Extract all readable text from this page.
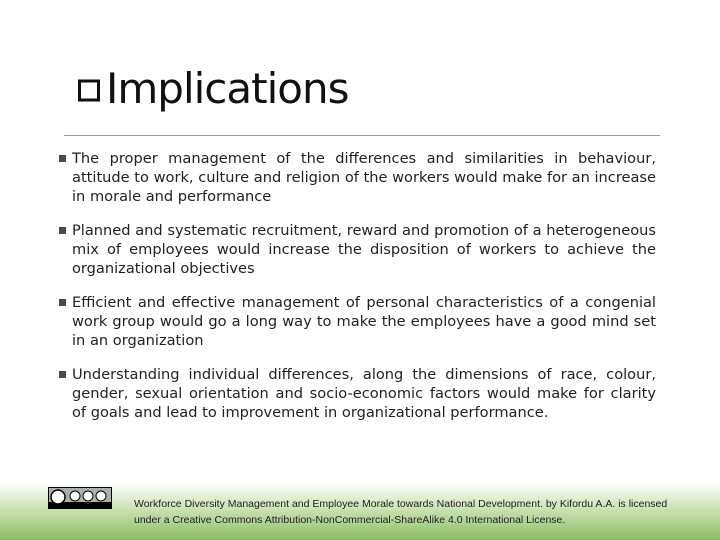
Implications
The proper management of the differences and similarities in behaviour, attitude to work, culture and religion of the workers would make for an increase in morale and performance
Planned and systematic recruitment, reward and promotion of a heterogeneous mix of employees would increase the disposition of workers to achieve the organizational objectives
Efficient and effective management of personal characteristics of a congenial work group would go a long way to make the employees have a good mind set in an organization
Understanding individual differences, along the dimensions of race, colour, gender, sexual orientation and socio-economic factors would make for clarity of goals and lead to improvement in organizational performance.
Workforce Diversity Management and Employee Morale towards National Development. by Kifordu A.A. is licensed under a Creative Commons Attribution-NonCommercial-ShareAlike 4.0 International License.
